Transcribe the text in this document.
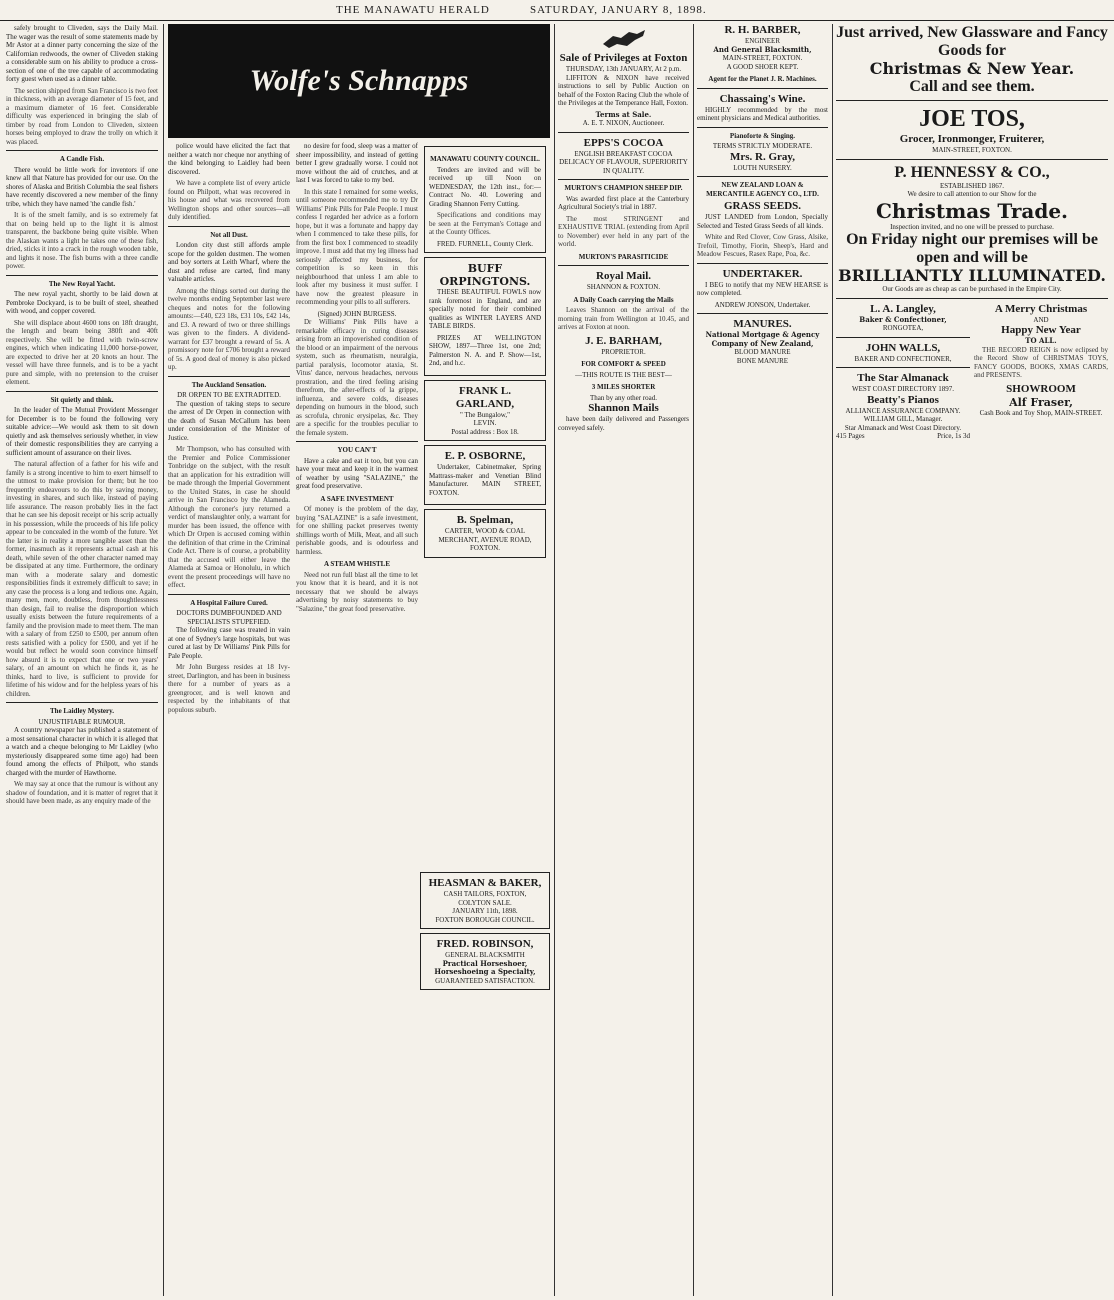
THE MANAWATU HERALD	SATURDAY, JANUARY 8, 1898.

safely brought to Cliveden, says the Daily Mail. The wager was the result of some statements made by Mr Astor at a dinner party concerning the size of the Californian redwoods, the owner of Cliveden staking a considerable sum on his ability to produce a cross-section of one of the tree capable of accommodating forty guest when used as a dinner table.

The section shipped from San Francisco is two feet in thickness, with an average diameter of 15 feet, and a maximum diameter of 16 feet. Considerable difficulty was experienced in bringing the slab of timber by road from London to Cliveden, sixteen horses being employed to draw the trolly on which it was placed.

A Candle Fish.

There would be little work for inventors if one knew all that Nature has provided for our use. On the shores of Alaska and British Columbia the seal fishers have recently discovered a new member of the finny tribe, which they have named 'the candle fish.'

It is of the smelt family, and is so extremely fat that on being held up to the light it is almost transparent, the backbone being quite visible. When the Alaskan wants a light he takes one of these fish, dried, sticks it into a crack in the rough wooden table, and lights it nose. The fish burns with a three candle power.

The New Royal Yacht.

The new royal yacht, shortly to be laid down at Pembroke Dockyard, is to be built of steel, sheathed with wood, and copper covered.

She will displace about 4600 tons on 18ft draught, the length and beam being 380ft and 40ft respectively. She will be fitted with twin-screw engines, which when indicating 11,000 horse-power, are expected to drive her at 20 knots an hour. The vessel will have three funnels, and is to be a yacht pure and simple, with no pretension to the cruiser element.

Sit quietly and think.

In the leader of The Mutual Provident Messenger for December is to be found the following very suitable advice:—We would ask them to sit down quietly and ask themselves seriously whether, in view of their domestic responsibilities they are carrying a sufficient amount of assurance on their lives.

The natural affection of a father for his wife and family is a strong incentive to him to exert himself to the utmost to make provision for them; but he too frequently endeavours to do this by saving money, investing in shares, and such like, instead of paying life assurance. The reason probably lies in the fact that he can see his deposit receipt or his scrip actually in his possession, while the proceeds of his life policy appear to be concealed in the womb of the future. Yet the latter is in reality a more tangible asset than the former, inasmuch as it represents actual cash at his death, while seven of the other character named may be dissipated at any time. Furthermore, the ordinary man with a moderate salary and domestic responsibilities finds it extremely difficult to save; in any case the process is a long and tedious one. Again, many men, more, doubtless, from thoughtlessness than design, fail to realise the disproportion which usually exists between the future requirements of a family and the provision made to meet them. The man with a salary of from £250 to £500, per annum often rests satisfied with a policy for £500, and yet if he would but reflect he would soon convince himself how absurd it is to expect that one or two years' salary, of an amount on which he finds it, as he thinks, hard to live, is sufficient to provide for lifetime of his widow and for the helpless years of his children.

The Laidley Mystery.
UNJUSTIFIABLE RUMOUR.

A country newspaper has published a statement of a most sensational character in which it is alleged that a watch and a cheque belonging to Mr Laidley (who mysteriously disappeared some time ago) had been found among the effects of Philpott, who stands charged with the murder of Hawthorne.

We may say at once that the rumour is without any shadow of foundation, and it is matter of regret that it should have been made, as any enquiry made of the

Wolfe's Schnapps

police would have elicited the fact that neither a watch nor cheque nor anything of the kind belonging to Laidley had been discovered.

We have a complete list of every article found on Philpott, what was recovered in his house and what was recovered from Wellington shops and other sources—all duly identified.

Not all Dust.

London city dust still affords ample scope for the golden dustmen. The women and boy sorters at Leith Wharf, where the dust and refuse are carted, find many valuable articles.

Among the things sorted out during the twelve months ending September last were cheques and notes for the following amounts:—£40, £23 18s, £31 10s, £42 14s, and £3. A reward of two or three shillings was given to the finders. A dividend-warrant for £37 brought a reward of 5s. A promissory note for £706 brought a reward of 5s. A good deal of money is also picked up.

The Auckland Sensation.
DR ORPEN TO BE EXTRADITED.

The question of taking steps to secure the arrest of Dr Orpen in connection with the death of Susan McCallum has been under consideration of the Minister of Justice.

Mr Thompson, who has consulted with the Premier and Police Commissioner Tonbridge on the subject, with the result that an application for his extradition will be made through the Imperial Government to the United States, in case he should arrive in San Francisco by the Alameda. Although the coroner's jury returned a verdict of manslaughter only, a warrant for murder has been issued, the offence with which Dr Orpen is accused coming within the definition of that crime in the Criminal Code Act. There is of course, a probability that the accused will either leave the Alameda at Samoa or Honolulu, in which event the present proceedings will have no effect.

A Hospital Failure Cured.
DOCTORS DUMBFOUNDED AND SPECIALISTS STUPEFIED.

The following case was treated in vain at one of Sydney's large hospitals, but was cured at last by Dr Williams' Pink Pills for Pale People.

Mr John Burgess resides at 18 Ivy-street, Darlington, and has been in business there for a number of years as a greengrocer, and is well known and respected by the inhabitants of that populous suburb.

no desire for food, sleep was a matter of sheer impossibility, and instead of getting better I grew gradually worse. I could not move without the aid of crutches, and at last I was forced to take to my bed.

In this state I remained for some weeks, until someone recommended me to try Dr Williams' Pink Pills for Pale People. I must confess I regarded her advice as a forlorn hope, but it was a fortunate and happy day when I commenced to take these pills, for from the first box I commenced to steadily improve. I must add that my leg illness had seriously affected my business, for competition is so keen in this neighbourhood that unless I am able to look after my business it must suffer. I have now the greatest pleasure in recommending your pills to all sufferers.

(Signed) JOHN BURGESS.

Dr Williams' Pink Pills have a remarkable efficacy in curing diseases arising from an impoverished condition of the blood or an impairment of the nervous system, such as rheumatism, neuralgia, partial paralysis, locomotor ataxia, St. Vitus' dance, nervous headaches, nervous prostration, and the tired feeling arising therefrom, the after-effects of la grippe, influenza, and severe colds, diseases depending on humours in the blood, such as scrofula, chronic erysipelas, &c. They are a specific for the troubles peculiar to the female system.

YOU CAN'T

Have a cake and eat it too, but you can have your meat and keep it in the warmest of weather by using "SALAZINE," the great food preservative.

A SAFE INVESTMENT

Of money is the problem of the day, buying "SALAZINE" is a safe investment, for one shilling packet preserves twenty shillings worth of Milk, Meat, and all such perishable goods, and is odourless and harmless.

A STEAM WHISTLE

Need not run full blast all the time to let you know that it is heard, and it is not necessary that we should be always advertising by noisy statements to buy "Salazine," the great food preservative.

MANAWATU COUNTY COUNCIL.

Tenders are invited and will be received up till Noon on WEDNESDAY, the 12th inst., for:— Contract No. 40. Lowering and Grading Shannon Ferry Cutting.

Specifications and conditions may be seen at the Ferryman's Cottage and at the County Offices.

FRED. FURNELL, County Clerk.
BUFF ORPINGTONS.

THESE BEAUTIFUL FOWLS now rank foremost in England, and are specially noted for their combined qualities as WINTER LAYERS AND TABLE BIRDS.

PRIZES AT WELLINGTON SHOW, 1897—Three 1st, one 2nd; Palmerston N. A. and P. Show—1st, 2nd, and h.c.

FRANK L. GARLAND,
" The Bungalow,"
LEVIN.
Postal address : Box 18.
E. P. OSBORNE,

Undertaker, Cabinetmaker, Spring Mattrass-maker and Venetian Blind Manufacturer. MAIN STREET, FOXTON.

B. Spelman,
CARTER, WOOD & COAL MERCHANT, AVENUE ROAD, FOXTON.
Sale of Privileges at Foxton
THURSDAY, 13th JANUARY, At 2 p.m.

LIFFITON & NIXON have received instructions to sell by Public Auction on behalf of the Foxton Racing Club the whole of the Privileges at the Temperance Hall, Foxton.

Terms at Sale.
A. E. T. NIXON, Auctioneer.
EPPS'S COCOA
ENGLISH BREAKFAST COCOA
DELICACY OF FLAVOUR, SUPERIORITY IN QUALITY.
MURTON'S CHAMPION SHEEP DIP.

Was awarded first place at the Canterbury Agricultural Society's trial in 1887.

The most STRINGENT and EXHAUSTIVE TRIAL (extending from April to November) ever held in any part of the world.

MURTON'S PARASITICIDE
Royal Mail.
SHANNON & FOXTON.
A Daily Coach carrying the Mails

Leaves Shannon on the arrival of the morning train from Wellington at 10.45, and arrives at Foxton at noon.

J. E. BARHAM,
PROPRIETOR.
FOR COMFORT & SPEED
—THIS ROUTE IS THE BEST—
3 MILES SHORTER
Than by any other road.
Shannon Mails

have been daily delivered and Passengers conveyed safely.

R. H. BARBER,
ENGINEER
And General Blacksmith,
MAIN-STREET, FOXTON.
A GOOD SHOER KEPT.
Agent for the Planet J. R. Machines.
Chassaing's Wine.

HIGHLY recommended by the most eminent physicians and Medical authorities.

Pianoforte & Singing.
TERMS STRICTLY MODERATE.
Mrs. R. Gray,
LOUTH NURSERY.
NEW ZEALAND LOAN & MERCANTILE AGENCY CO., LTD.
GRASS SEEDS.

JUST LANDED from London, Specially Selected and Tested Grass Seeds of all kinds.

White and Red Clover, Cow Grass, Alsike, Trefoil, Timothy, Fiorin, Sheep's, Hard and Meadow Fescues, Rasex Rape, Poa, &c.

UNDERTAKER.

I BEG to notify that my NEW HEARSE is now completed.

ANDREW JONSON, Undertaker.
MANURES.
National Mortgage & Agency Company of New Zealand,
BLOOD MANURE
BONE MANURE
Just arrived, New Glassware and Fancy Goods for
Christmas & New Year.
Call and see them.
JOE TOS,
Grocer, Ironmonger, Fruiterer,
MAIN-STREET, FOXTON.
P. HENNESSY & CO.,
ESTABLISHED 1867.
We desire to call attention to our Show for the
Christmas Trade.
Inspection invited, and no one will be pressed to purchase.
On Friday night our premises will be open and will be
BRILLIANTLY ILLUMINATED.
Our Goods are as cheap as can be purchased in the Empire City.
L. A. Langley,
Baker & Confectioner,
RONGOTEA,
JOHN WALLS,
BAKER AND CONFECTIONER,
The Star Almanack
WEST COAST DIRECTORY 1897.
Beatty's Pianos
ALLIANCE ASSURANCE COMPANY.
WILLIAM GILL, Manager.
Star Almanack and West Coast Directory.
415 Pages	Price, 1s 3d
A Merry Christmas
AND
Happy New Year
TO ALL.

THE RECORD REIGN is now eclipsed by the Record Show of CHRISTMAS TOYS, FANCY GOODS, BOOKS, XMAS CARDS, and PRESENTS.

SHOWROOM
Alf Fraser,
Cash Book and Toy Shop, MAIN-STREET.
HEASMAN & BAKER,
CASH TAILORS, FOXTON,
COLYTON SALE.
JANUARY 11th, 1898.
FOXTON BOROUGH COUNCIL.
FRED. ROBINSON,
GENERAL BLACKSMITH
Practical Horseshoer,
Horseshoeing a Specialty,
GUARANTEED SATISFACTION.
